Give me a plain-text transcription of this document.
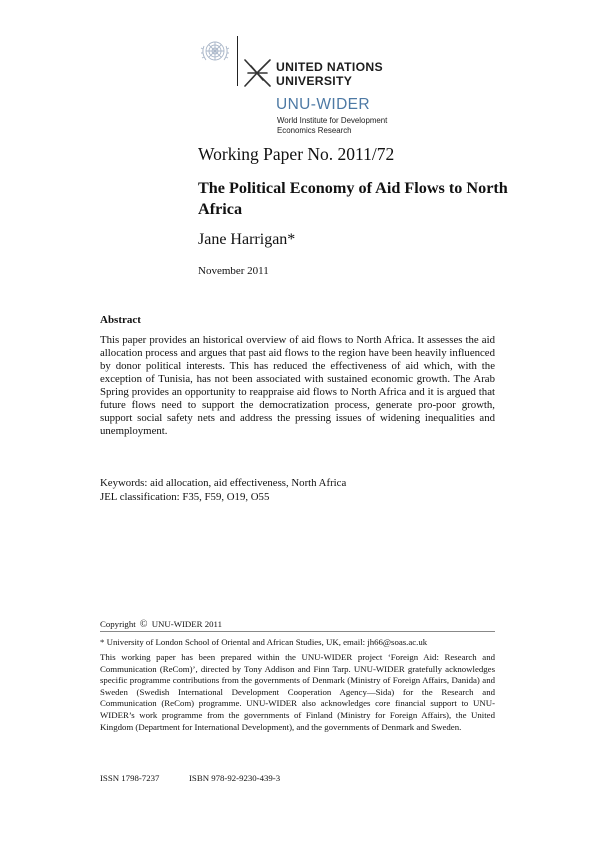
UNITED NATIONS
UNIVERSITY
UNU-WIDER
World Institute for Development
Economics Research
Working Paper No. 2011/72
The Political Economy of Aid Flows to North Africa
Jane Harrigan*
November 2011
Abstract

This paper provides an historical overview of aid flows to North Africa. It assesses the aid allocation process and argues that past aid flows to the region have been heavily influenced by donor political interests. This has reduced the effectiveness of aid which, with the exception of Tunisia, has not been associated with sustained economic growth. The Arab Spring provides an opportunity to reappraise aid flows to North Africa and it is argued that future flows need to support the democratization process, generate pro-poor growth, support social safety nets and address the pressing issues of widening inequalities and unemployment.

Keywords: aid allocation, aid effectiveness, North Africa
JEL classification: F35, F59, O19, O55
Copyright © UNU-WIDER 2011
* University of London School of Oriental and African Studies, UK, email: jh66@soas.ac.uk

This working paper has been prepared within the UNU-WIDER project ‘Foreign Aid: Research and Communication (ReCom)’, directed by Tony Addison and Finn Tarp. UNU-WIDER gratefully acknowledges specific programme contributions from the governments of Denmark (Ministry of Foreign Affairs, Danida) and Sweden (Swedish International Development Cooperation Agency—Sida) for the Research and Communication (ReCom) programme. UNU-WIDER also acknowledges core financial support to UNU-WIDER’s work programme from the governments of Finland (Ministry for Foreign Affairs), the United Kingdom (Department for International Development), and the governments of Denmark and Sweden.

ISSN 1798-7237	ISBN 978-92-9230-439-3
